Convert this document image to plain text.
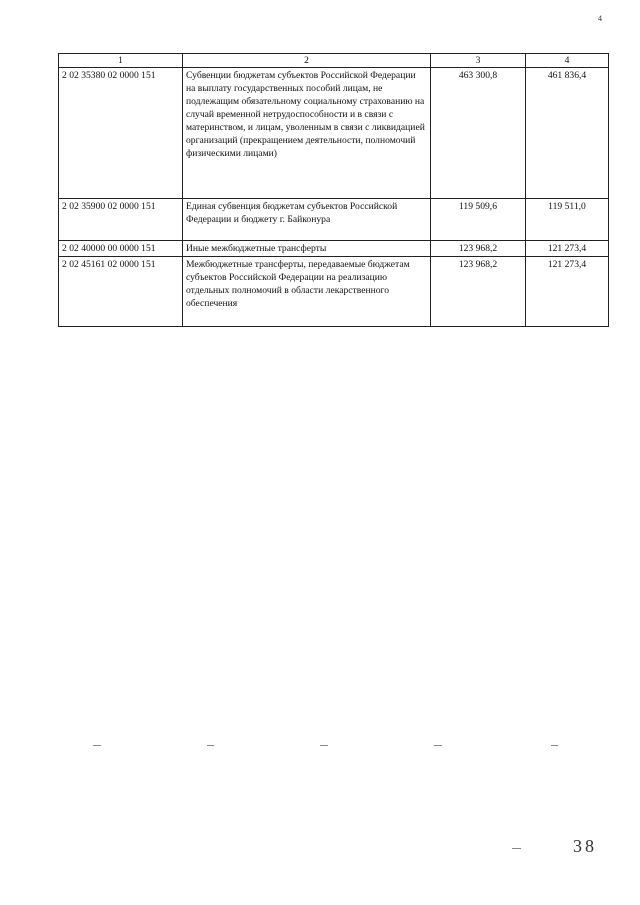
4
1	2	3	4
2 02 35380 02 0000 151	Субвенции бюджетам субъектов Российской Федерации на выплату государственных пособий лицам, не подлежащим обязательному социальному страхованию на случай временной нетрудоспособности и в связи с материнством, и лицам, уволенным в связи с ликвидацией организаций (прекращением деятельности, полномочий физическими лицами)	463 300,8	461 836,4
2 02 35900 02 0000 151	Единая субвенция бюджетам субъектов Российской Федерации и бюджету г. Байконура	119 509,6	119 511,0
2 02 40000 00 0000 151	Иные межбюджетные трансферты	123 968,2	121 273,4
2 02 45161 02 0000 151	Межбюджетные трансферты, передаваемые бюджетам субъектов Российской Федерации на реализацию отдельных полномочий в области лекарственного обеспечения	123 968,2	121 273,4
38
